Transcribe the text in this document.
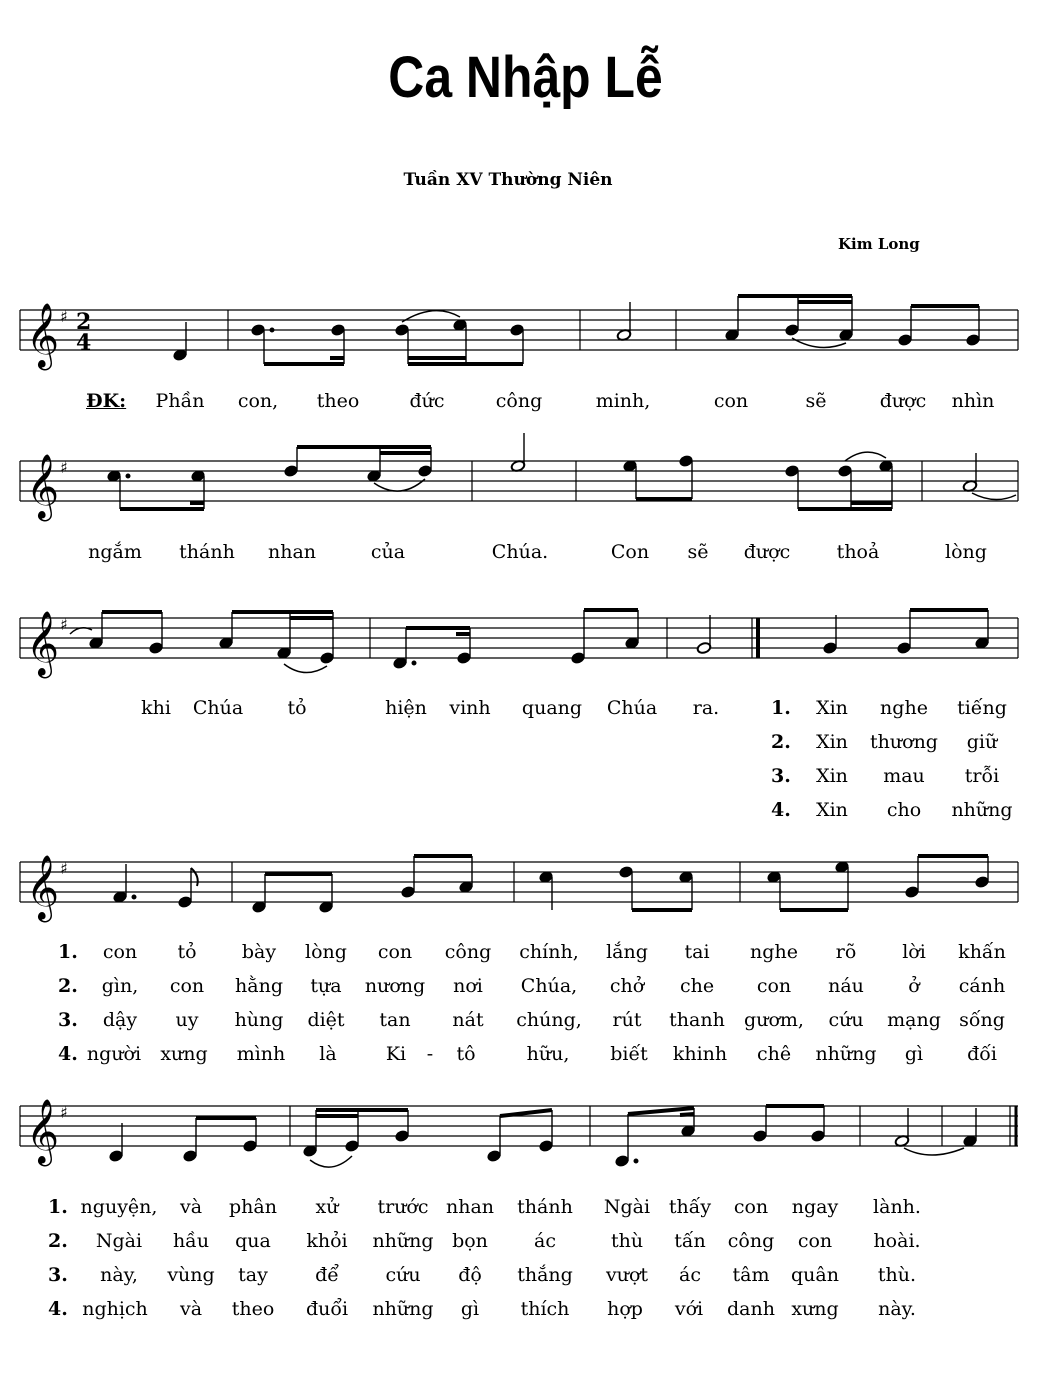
Ca Nhập Lễ
Tuần XV Thường Niên
Kim Long
𝄞 ♯ 2
4
𝄞 ♯
𝄞 ♯
𝄞 ♯
𝄞 ♯
ĐK: Phần con, theo	đức	công	minh,	con	sẽ	được nhìn
ngắm thánh nhan	của	Chúa.	Con sẽ được thoả	lòng
khi Chúa tỏ	hiện vinh quang Chúa ra.	1. Xin nghe tiếng
2. Xin thương giữ
3. Xin mau trỗi
4. Xin cho những
1. con tỏ bày lòng con công chính, lắng tai nghe rõ lời khấn
2. gìn, con hằng tựa nương nơi Chúa, chở che con náu ở cánh
3. dậy uy hùng diệt tan nát chúng, rút thanh gươm, cứu mạng sống
4. người xưng mình là	Ki - tô	hữu, biết khinh chê những gì đối
1. nguyện, và phân xử trước nhan thánh Ngài thấy con ngay lành.
2. Ngài hầu qua khỏi những bọn ác	thù tấn công con hoài.
3. này, vùng tay để cứu độ thắng vượt ác tâm quân thù.
4. nghịch và theo đuổi những gì thích hợp với danh xưng này.
